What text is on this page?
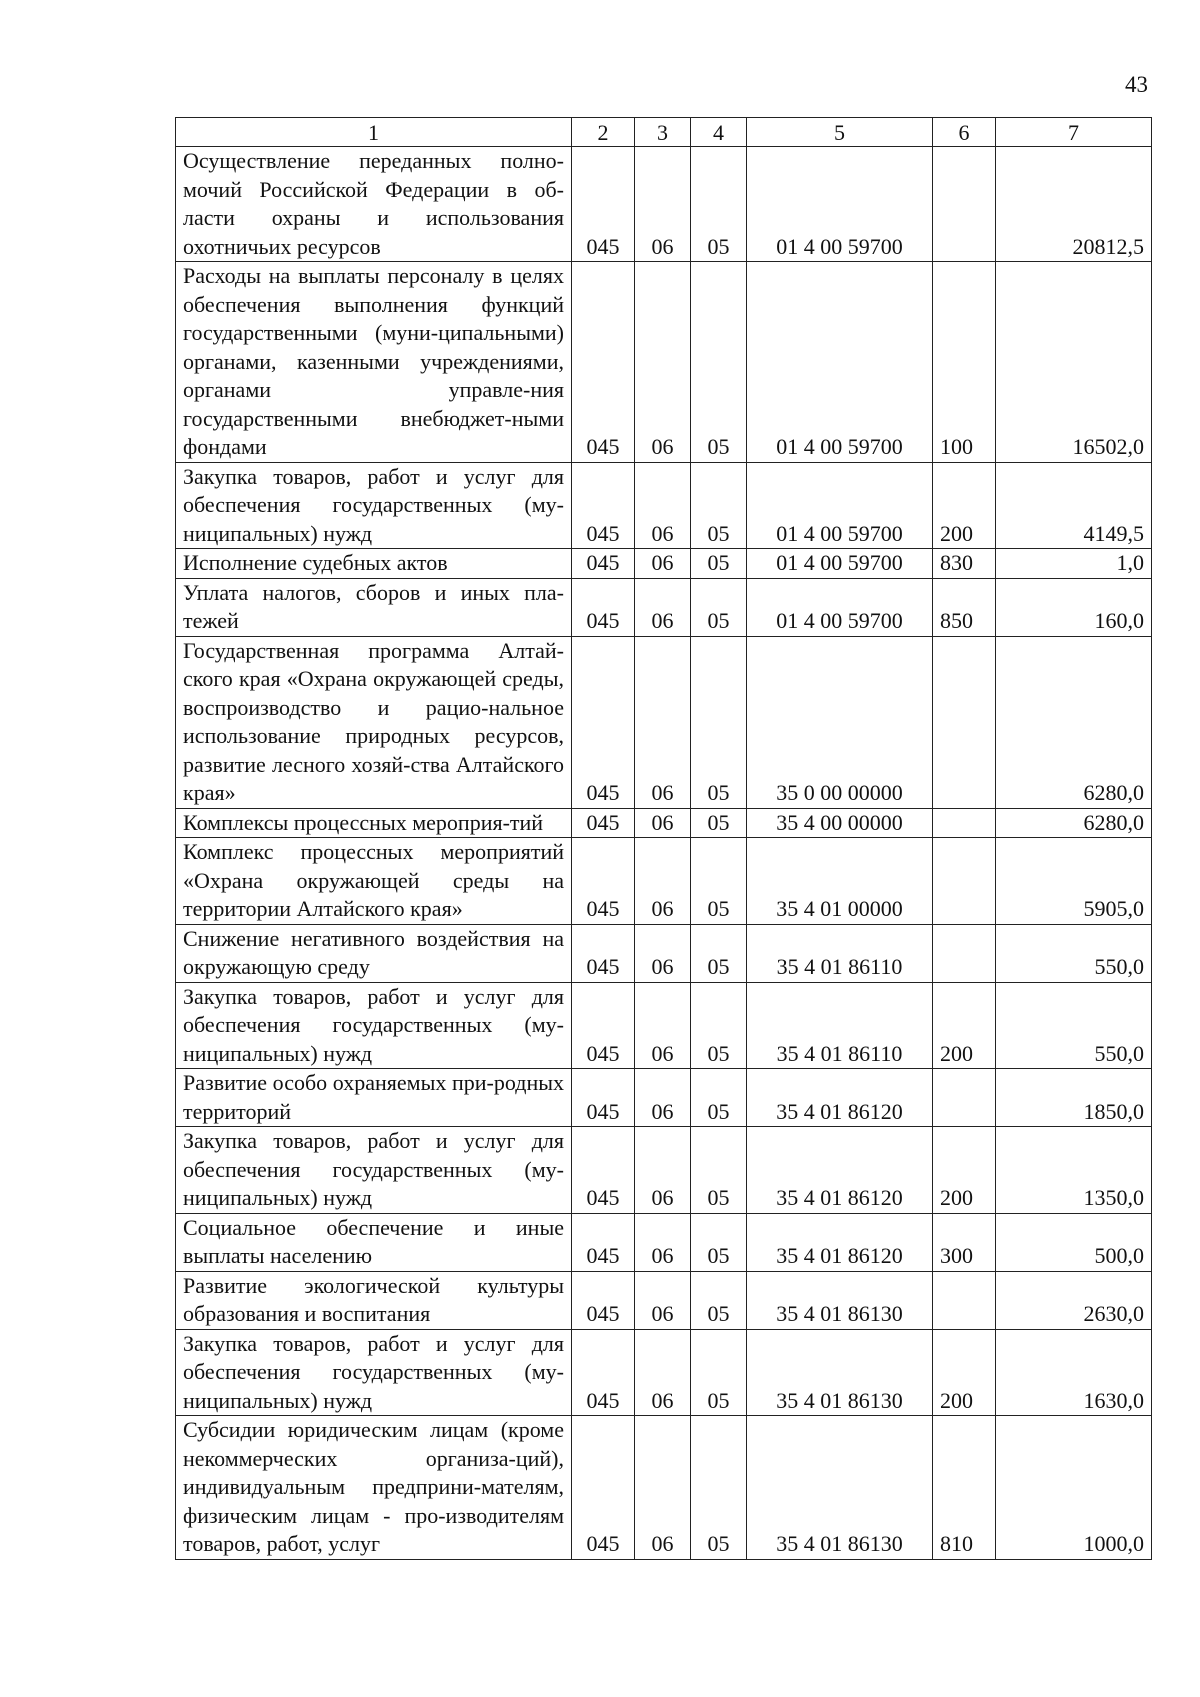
43
1	2	3	4	5	6	7
Осуществление переданных полно-мочий Российской Федерации в об-ласти охраны и использования охотничьих ресурсов	045	06	05	01 4 00 59700		20812,5
Расходы на выплаты персоналу в целях обеспечения выполнения функций государственными (муни-ципальными) органами, казенными учреждениями, органами управле-ния государственными внебюджет-ными фондами	045	06	05	01 4 00 59700	100	16502,0
Закупка товаров, работ и услуг для обеспечения государственных (му-ниципальных) нужд	045	06	05	01 4 00 59700	200	4149,5
Исполнение судебных актов	045	06	05	01 4 00 59700	830	1,0
Уплата налогов, сборов и иных пла-тежей	045	06	05	01 4 00 59700	850	160,0
Государственная программа Алтай-ского края «Охрана окружающей среды, воспроизводство и рацио-нальное использование природных ресурсов, развитие лесного хозяй-ства Алтайского края»	045	06	05	35 0 00 00000		6280,0
Комплексы процессных мероприя-тий	045	06	05	35 4 00 00000		6280,0
Комплекс процессных мероприятий «Охрана окружающей среды на территории Алтайского края»	045	06	05	35 4 01 00000		5905,0
Снижение негативного воздействия на окружающую среду	045	06	05	35 4 01 86110		550,0
Закупка товаров, работ и услуг для обеспечения государственных (му-ниципальных) нужд	045	06	05	35 4 01 86110	200	550,0
Развитие особо охраняемых при-родных территорий	045	06	05	35 4 01 86120		1850,0
Закупка товаров, работ и услуг для обеспечения государственных (му-ниципальных) нужд	045	06	05	35 4 01 86120	200	1350,0
Социальное обеспечение и иные выплаты населению	045	06	05	35 4 01 86120	300	500,0
Развитие экологической культуры образования и воспитания	045	06	05	35 4 01 86130		2630,0
Закупка товаров, работ и услуг для обеспечения государственных (му-ниципальных) нужд	045	06	05	35 4 01 86130	200	1630,0
Субсидии юридическим лицам (кроме некоммерческих организа-ций), индивидуальным предприни-мателям, физическим лицам - про-изводителям товаров, работ, услуг	045	06	05	35 4 01 86130	810	1000,0
